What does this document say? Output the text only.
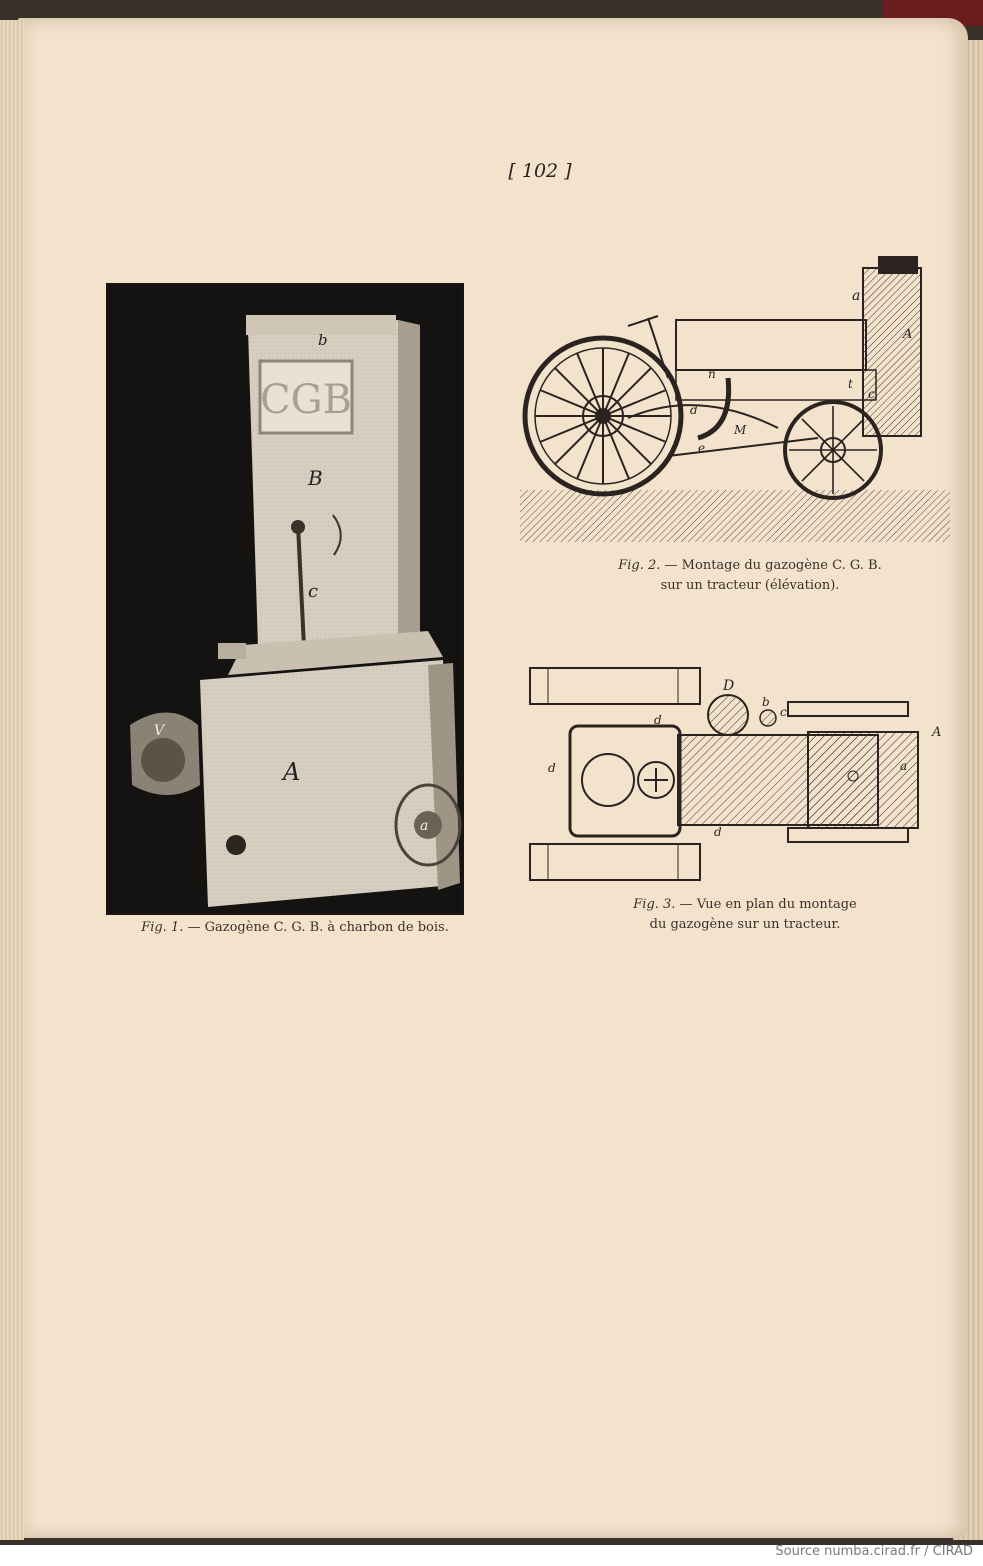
[ 102 ]
CGB
b
B
c
A
V
a
Fig. 1. — Gazogène C. G. B. à charbon de bois.
a
A
n
d
M
e
t
c
Fig. 2. — Montage du gazogène C. G. B.
sur un tracteur (élévation).
D
b
c
d
d
d
A
a
Fig. 3. — Vue en plan du montage
du gazogène sur un tracteur.
Source numba.cirad.fr / CIRAD
